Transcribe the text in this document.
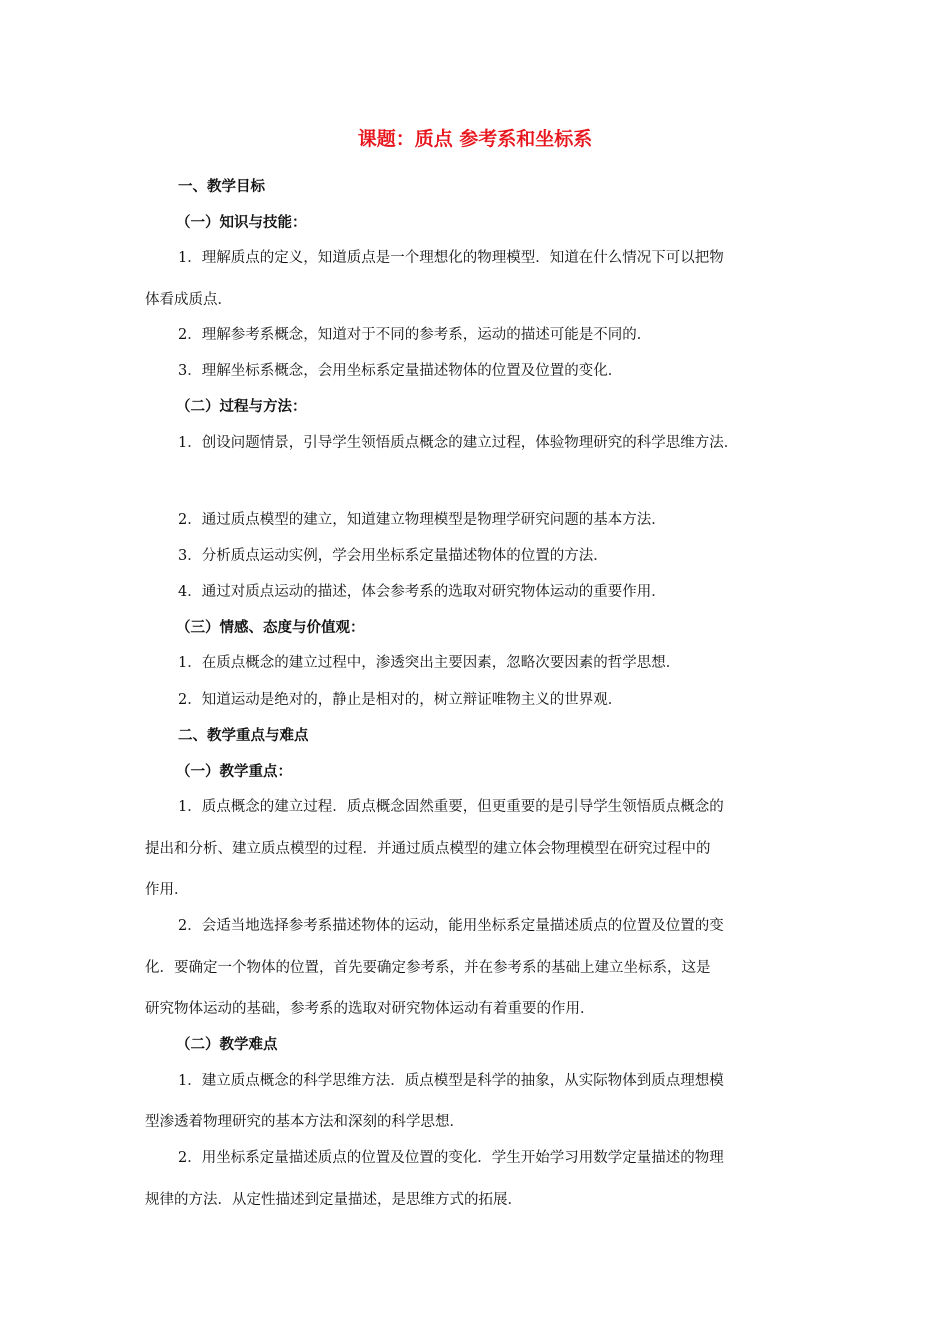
课题：质点 参考系和坐标系
一、教学目标
（一）知识与技能：
1．理解质点的定义，知道质点是一个理想化的物理模型．知道在什么情况下可以把物
体看成质点．
2．理解参考系概念，知道对于不同的参考系，运动的描述可能是不同的．
3．理解坐标系概念，会用坐标系定量描述物体的位置及位置的变化．
（二）过程与方法：
1．创设问题情景，引导学生领悟质点概念的建立过程，体验物理研究的科学思维方法．
2．通过质点模型的建立，知道建立物理模型是物理学研究问题的基本方法．
3．分析质点运动实例，学会用坐标系定量描述物体的位置的方法．
4．通过对质点运动的描述，体会参考系的选取对研究物体运动的重要作用．
（三）情感、态度与价值观：
1．在质点概念的建立过程中，渗透突出主要因素，忽略次要因素的哲学思想．
2．知道运动是绝对的，静止是相对的，树立辩证唯物主义的世界观．
二、教学重点与难点
（一）教学重点：
1．质点概念的建立过程．质点概念固然重要，但更重要的是引导学生领悟质点概念的
提出和分析、建立质点模型的过程．并通过质点模型的建立体会物理模型在研究过程中的
作用．
2．会适当地选择参考系描述物体的运动，能用坐标系定量描述质点的位置及位置的变
化．要确定一个物体的位置，首先要确定参考系，并在参考系的基础上建立坐标系，这是
研究物体运动的基础，参考系的选取对研究物体运动有着重要的作用．
（二）教学难点
1．建立质点概念的科学思维方法．质点模型是科学的抽象，从实际物体到质点理想模
型渗透着物理研究的基本方法和深刻的科学思想．
2．用坐标系定量描述质点的位置及位置的变化．学生开始学习用数学定量描述的物理
规律的方法．从定性描述到定量描述，是思维方式的拓展．
